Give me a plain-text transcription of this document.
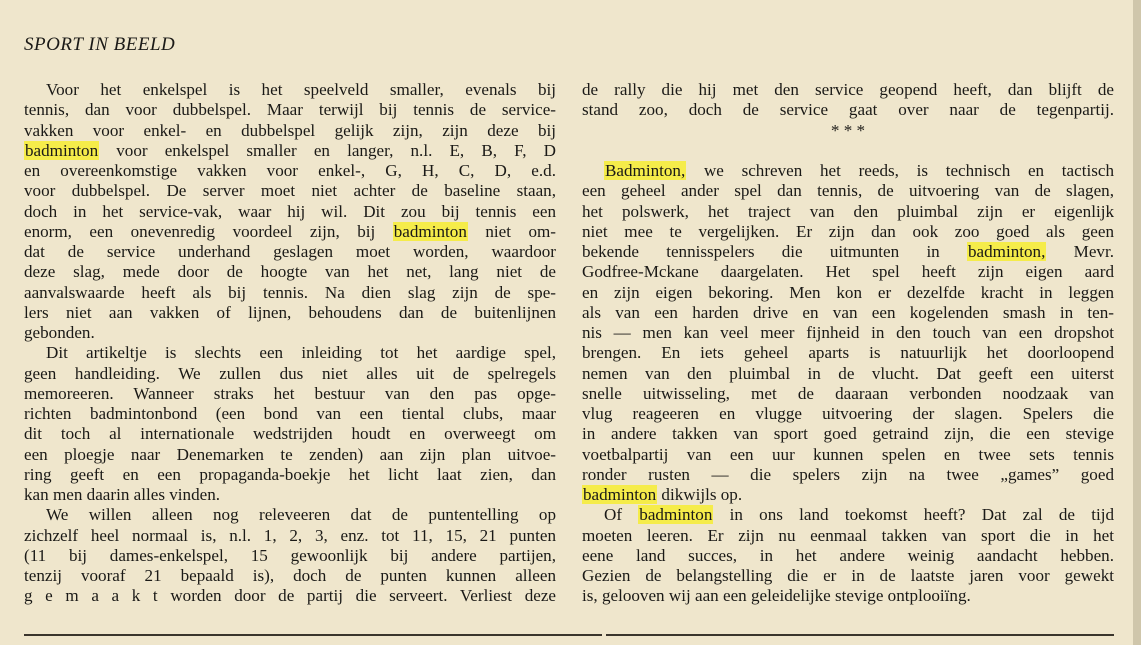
SPORT IN BEELD
Voor het enkelspel is het speelveld smaller, evenals bij
tennis, dan voor dubbelspel. Maar terwijl bij tennis de service-
vakken voor enkel- en dubbelspel gelijk zijn, zijn deze bij
badminton voor enkelspel smaller en langer, n.l. E, B, F, D
en overeenkomstige vakken voor enkel-, G, H, C, D, e.d.
voor dubbelspel. De server moet niet achter de baseline staan,
doch in het service-vak, waar hij wil. Dit zou bij tennis een
enorm, een onevenredig voordeel zijn, bij badminton niet om-
dat de service underhand geslagen moet worden, waardoor
deze slag, mede door de hoogte van het net, lang niet de
aanvalswaarde heeft als bij tennis. Na dien slag zijn de spe-
lers niet aan vakken of lijnen, behoudens dan de buitenlijnen
gebonden.
Dit artikeltje is slechts een inleiding tot het aardige spel,
geen handleiding. We zullen dus niet alles uit de spelregels
memoreeren. Wanneer straks het bestuur van den pas opge-
richten badmintonbond (een bond van een tiental clubs, maar
dit toch al internationale wedstrijden houdt en overweegt om
een ploegje naar Denemarken te zenden) aan zijn plan uitvoe-
ring geeft en een propaganda-boekje het licht laat zien, dan
kan men daarin alles vinden.
We willen alleen nog releveeren dat de puntentelling op
zichzelf heel normaal is, n.l. 1, 2, 3, enz. tot 11, 15, 21 punten
(11 bij dames-enkelspel, 15 gewoonlijk bij andere partijen,
tenzij vooraf 21 bepaald is), doch de punten kunnen alleen
g e m a a k t worden door de partij die serveert. Verliest deze
de rally die hij met den service geopend heeft, dan blijft de
stand zoo, doch de service gaat over naar de tegenpartij.
* * *
Badminton, we schreven het reeds, is technisch en tactisch
een geheel ander spel dan tennis, de uitvoering van de slagen,
het polswerk, het traject van den pluimbal zijn er eigenlijk
niet mee te vergelijken. Er zijn dan ook zoo goed als geen
bekende tennisspelers die uitmunten in badminton, Mevr.
Godfree-Mckane daargelaten. Het spel heeft zijn eigen aard
en zijn eigen bekoring. Men kon er dezelfde kracht in leggen
als van een harden drive en van een kogelenden smash in ten-
nis — men kan veel meer fijnheid in den touch van een dropshot
brengen. En iets geheel aparts is natuurlijk het doorloopend
nemen van den pluimbal in de vlucht. Dat geeft een uiterst
snelle uitwisseling, met de daaraan verbonden noodzaak van
vlug reageeren en vlugge uitvoering der slagen. Spelers die
in andere takken van sport goed getraind zijn, die een stevige
voetbalpartij van een uur kunnen spelen en twee sets tennis
ronder rusten — die spelers zijn na twee „games” goed
badminton dikwijls op.
Of badminton in ons land toekomst heeft? Dat zal de tijd
moeten leeren. Er zijn nu eenmaal takken van sport die in het
eene land succes, in het andere weinig aandacht hebben.
Gezien de belangstelling die er in de laatste jaren voor gewekt
is, gelooven wij aan een geleidelijke stevige ontplooiïng.
